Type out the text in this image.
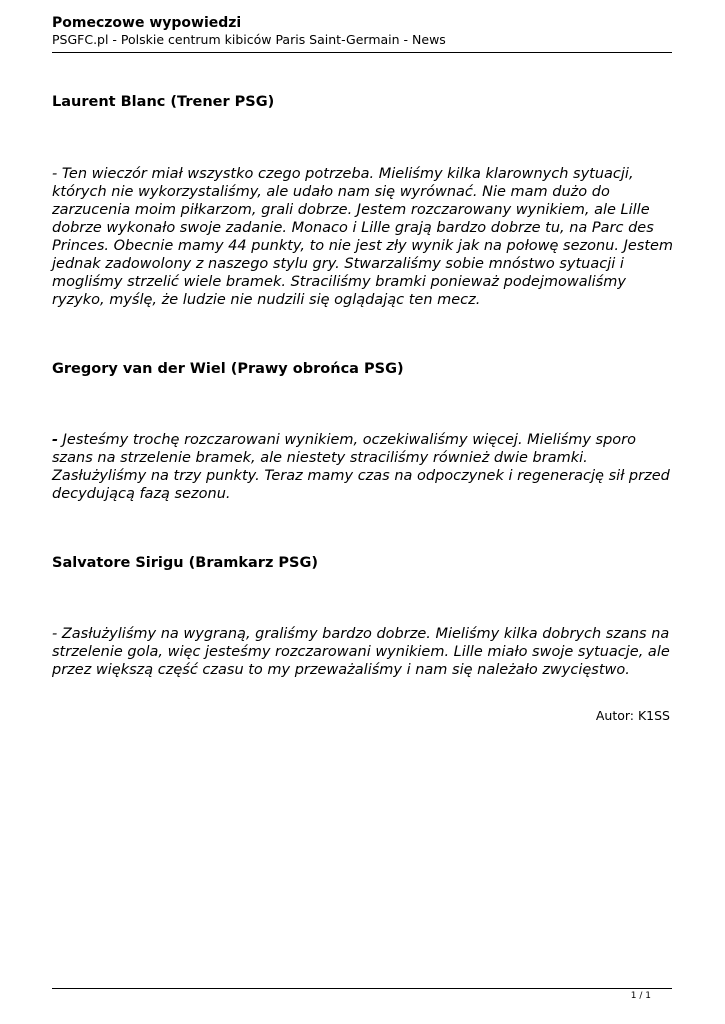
Pomeczowe wypowiedzi

PSGFC.pl - Polskie centrum kibiców Paris Saint-Germain - News

Laurent Blanc (Trener PSG)

- Ten wieczór miał wszystko czego potrzeba. Mieliśmy kilka klarownych sytuacji, których nie wykorzystaliśmy, ale udało nam się wyrównać. Nie mam dużo do zarzucenia moim piłkarzom, grali dobrze. Jestem rozczarowany wynikiem, ale Lille dobrze wykonało swoje zadanie. Monaco i Lille grają bardzo dobrze tu, na Parc des Princes. Obecnie mamy 44 punkty, to nie jest zły wynik jak na połowę sezonu. Jestem jednak zadowolony z naszego stylu gry. Stwarzaliśmy sobie mnóstwo sytuacji i mogliśmy strzelić wiele bramek. Straciliśmy bramki ponieważ podejmowaliśmy ryzyko, myślę, że ludzie nie nudzili się oglądając ten mecz.

Gregory van der Wiel (Prawy obrońca PSG)

- Jesteśmy trochę rozczarowani wynikiem, oczekiwaliśmy więcej. Mieliśmy sporo szans na strzelenie bramek, ale niestety straciliśmy również dwie bramki. Zasłużyliśmy na trzy punkty. Teraz mamy czas na odpoczynek i regenerację sił przed decydującą fazą sezonu.

Salvatore Sirigu (Bramkarz PSG)

- Zasłużyliśmy na wygraną, graliśmy bardzo dobrze. Mieliśmy kilka dobrych szans na strzelenie gola, więc jesteśmy rozczarowani wynikiem. Lille miało swoje sytuacje, ale przez większą część czasu to my przeważaliśmy i nam się należało zwycięstwo.

Autor: K1SS

1 / 1
